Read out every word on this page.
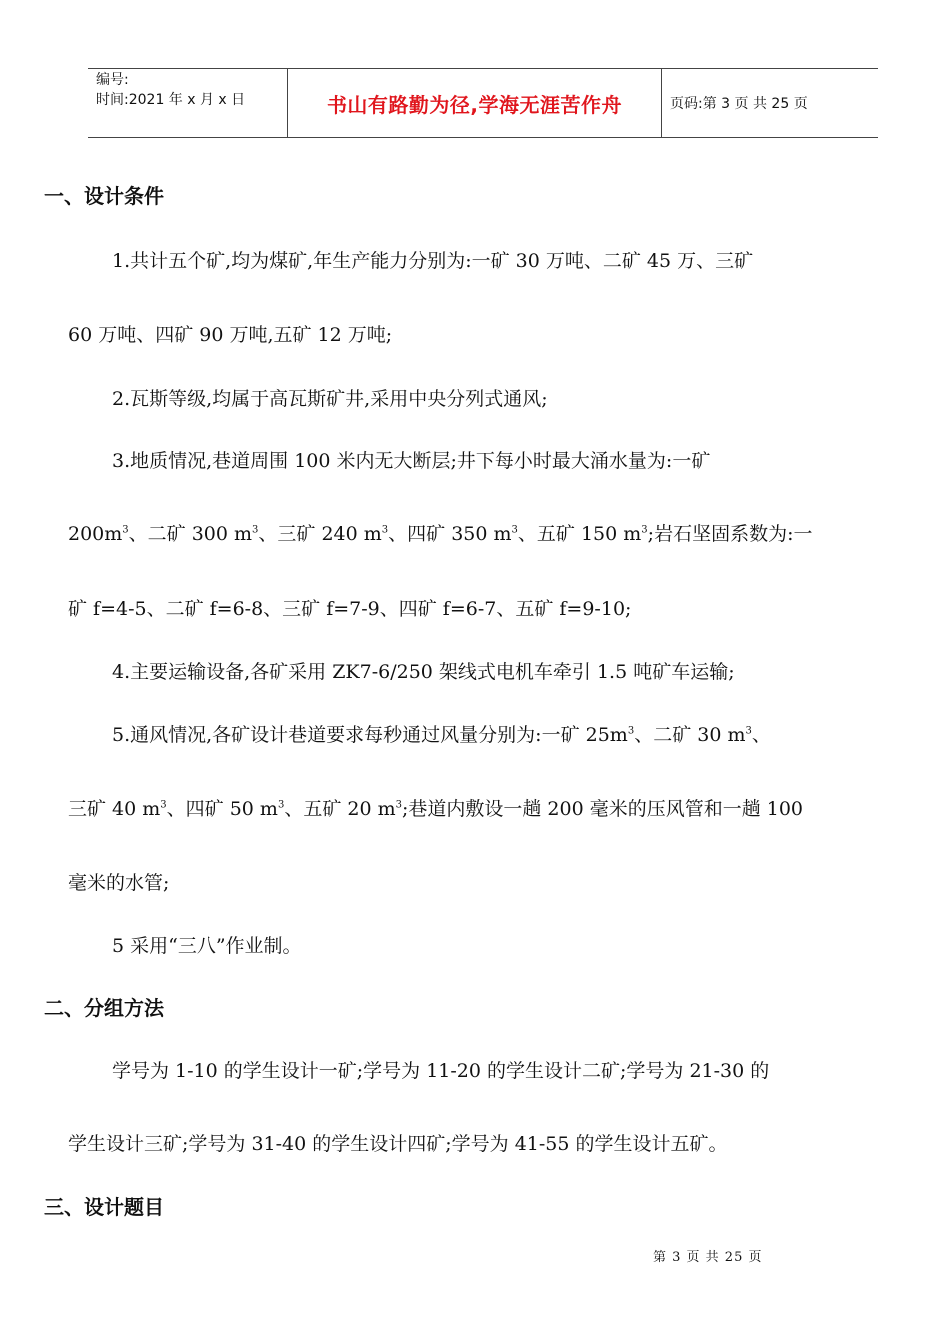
编号:
时间:2021 年 x 月 x 日	书山有路勤为径,学海无涯苦作舟	页码:第 3 页 共 25 页
一、设计条件
1.共计五个矿,均为煤矿,年生产能力分别为:一矿 30 万吨、二矿 45 万、三矿
60 万吨、四矿 90 万吨,五矿 12 万吨;
2.瓦斯等级,均属于高瓦斯矿井,采用中央分列式通风;
3.地质情况,巷道周围 100 米内无大断层;井下每小时最大涌水量为:一矿
$200m^3$、二矿 300 $m^3$、三矿 240 $m^3$、四矿 350 $m^3$、五矿 150 $m^3$;岩石坚固系数为:一
矿 f=4-5、二矿 f=6-8、三矿 f=7-9、四矿 f=6-7、五矿 f=9-10;
4.主要运输设备,各矿采用 ZK7-6/250 架线式电机车牵引 1.5 吨矿车运输;
5.通风情况,各矿设计巷道要求每秒通过风量分别为:一矿 $25m^3$、二矿 30 $m^3$、
三矿 40 $m^3$、四矿 50 $m^3$、五矿 20 $m^3$;巷道内敷设一趟 200 毫米的压风管和一趟 100
毫米的水管;
5 采用“三八”作业制。
二、分组方法
学号为 1-10 的学生设计一矿;学号为 11-20 的学生设计二矿;学号为 21-30 的
学生设计三矿;学号为 31-40 的学生设计四矿;学号为 41-55 的学生设计五矿。
三、设计题目
第 3 页 共 25 页
